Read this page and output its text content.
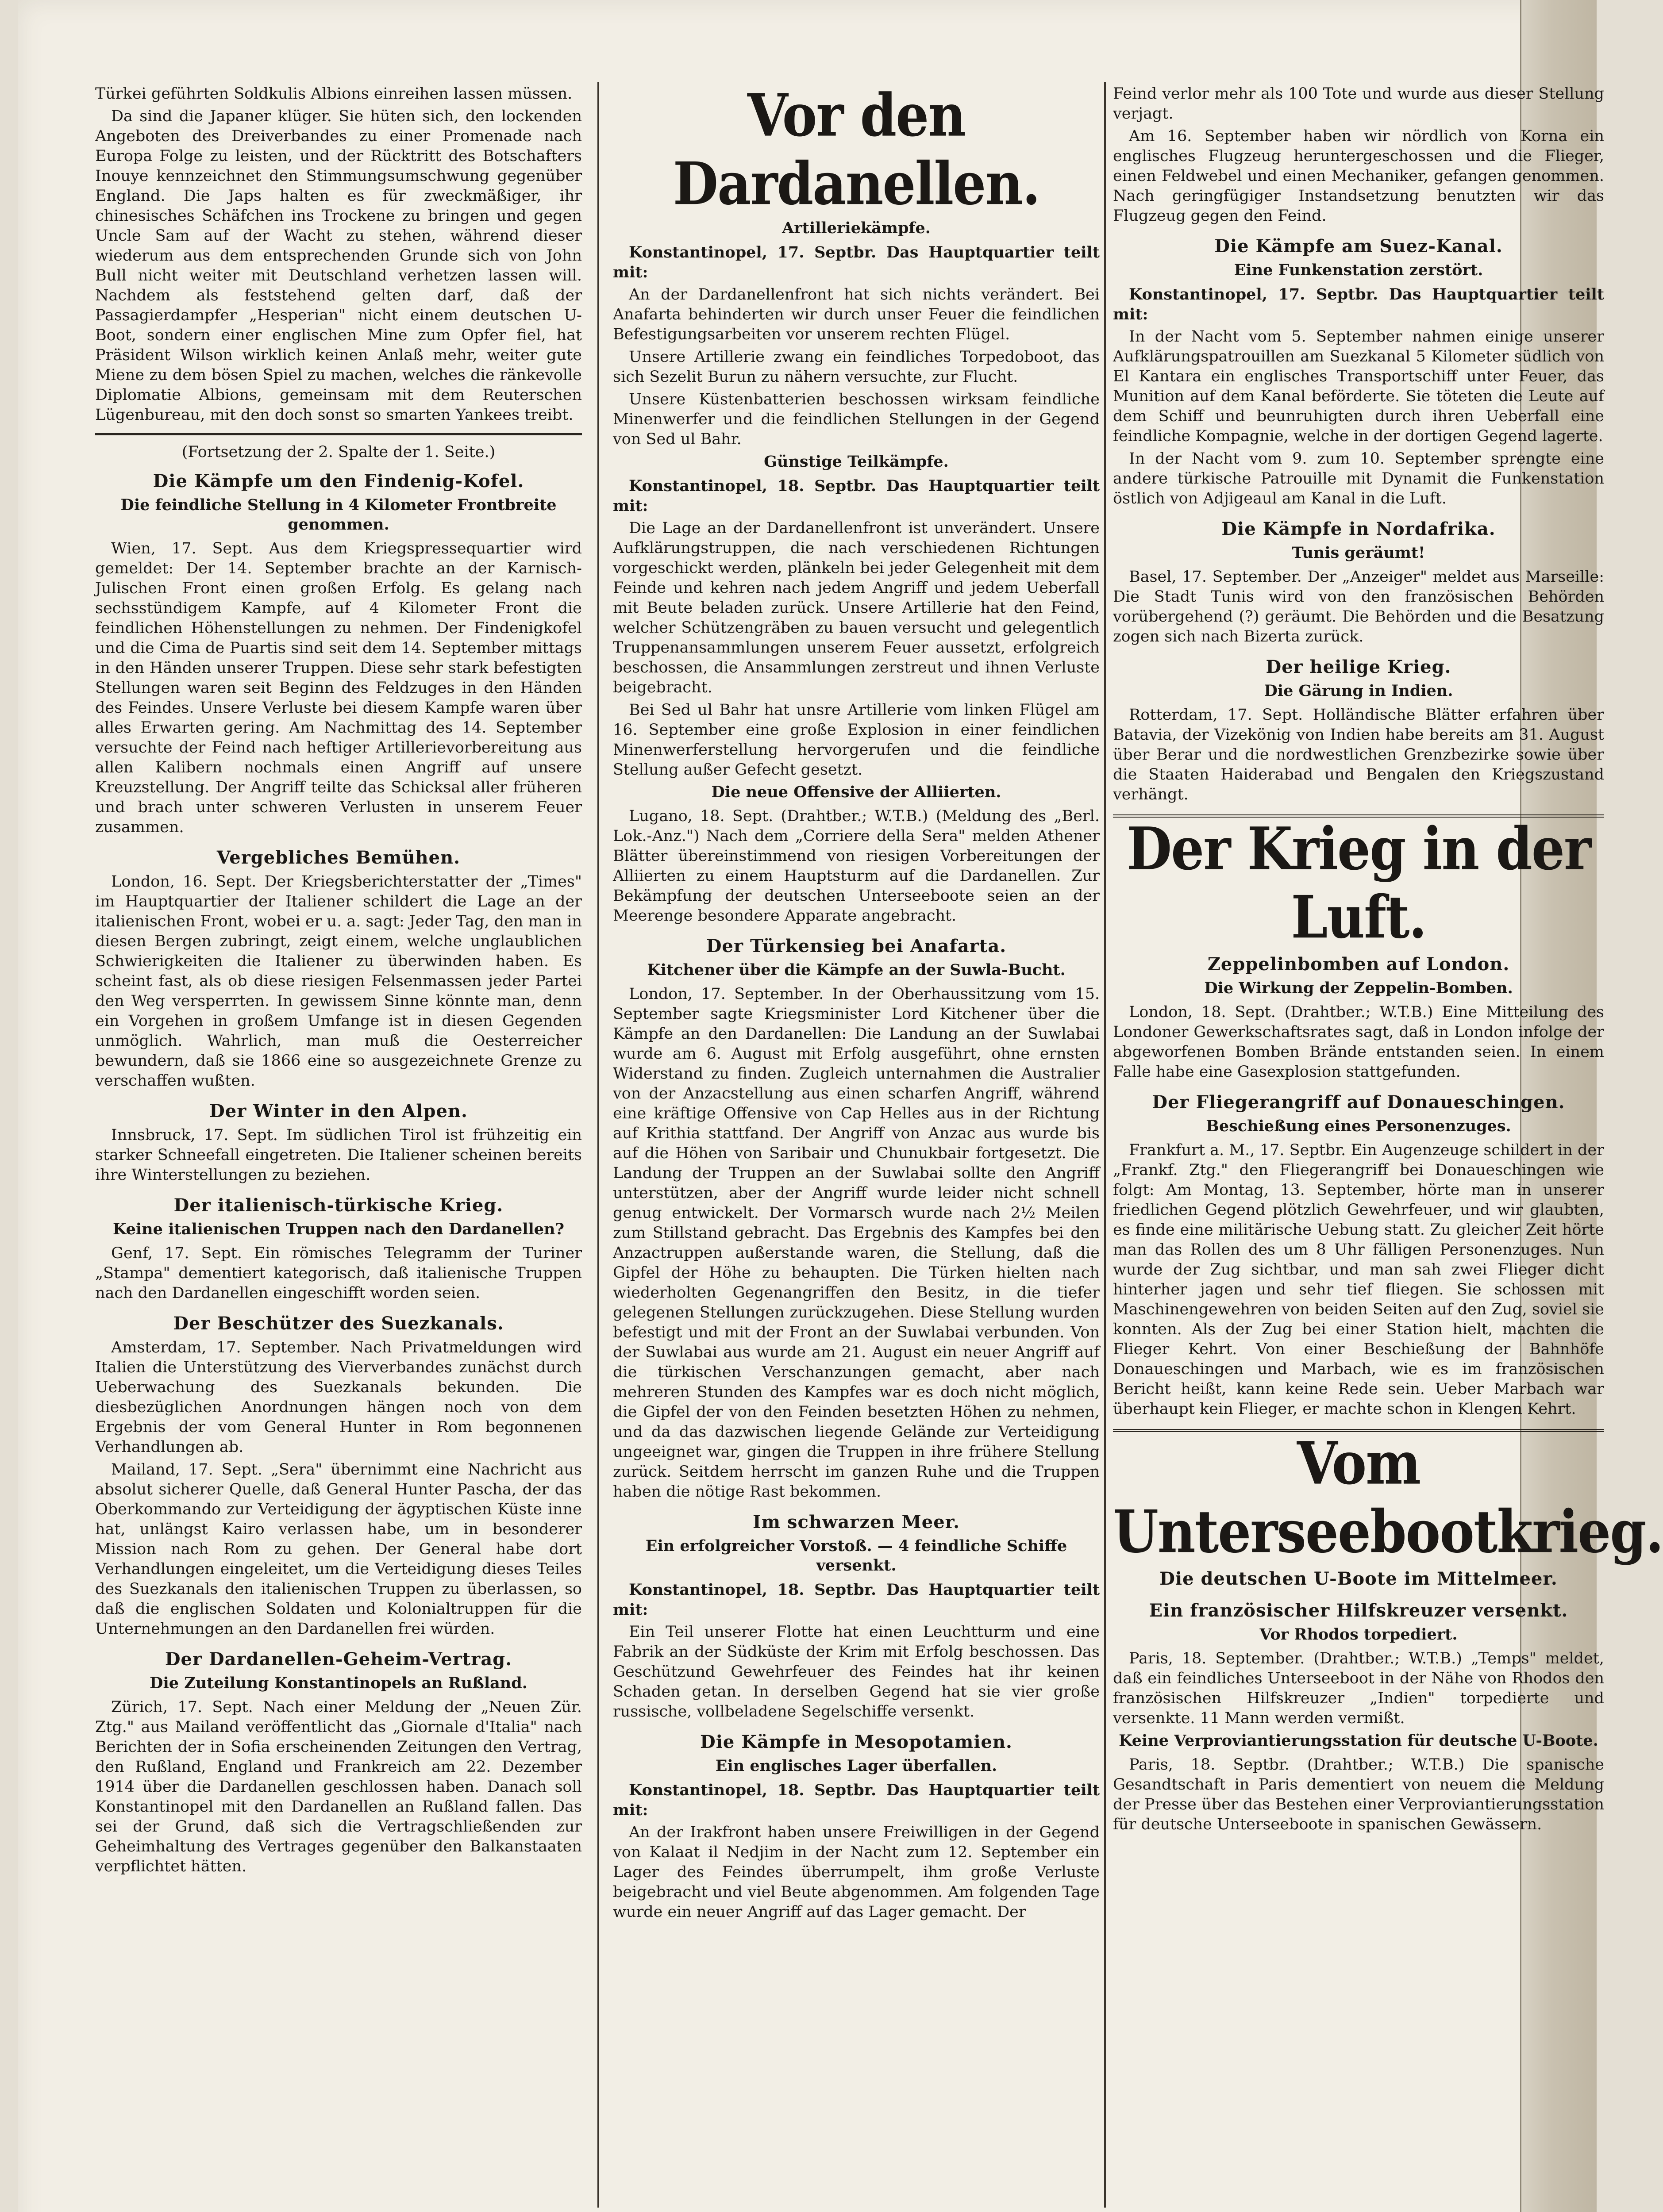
Türkei geführten Soldkulis Albions einreihen lassen müssen.

Da sind die Japaner klüger. Sie hüten sich, den lockenden Angeboten des Dreiverbandes zu einer Promenade nach Europa Folge zu leisten, und der Rücktritt des Botschafters Inouye kennzeichnet den Stimmungsumschwung gegenüber England. Die Japs halten es für zweckmäßiger, ihr chinesisches Schäfchen ins Trockene zu bringen und gegen Uncle Sam auf der Wacht zu stehen, während dieser wiederum aus dem entsprechenden Grunde sich von John Bull nicht weiter mit Deutschland verhetzen lassen will. Nachdem als feststehend gelten darf, daß der Passagierdampfer „Hesperian" nicht einem deutschen U-Boot, sondern einer englischen Mine zum Opfer fiel, hat Präsident Wilson wirklich keinen Anlaß mehr, weiter gute Miene zu dem bösen Spiel zu machen, welches die ränkevolle Diplomatie Albions, gemeinsam mit dem Reuterschen Lügenbureau, mit den doch sonst so smarten Yankees treibt.

(Fortsetzung der 2. Spalte der 1. Seite.)
Die Kämpfe um den Findenig-Kofel.
Die feindliche Stellung in 4 Kilometer Frontbreite genommen.

Wien, 17. Sept. Aus dem Kriegspressequartier wird gemeldet: Der 14. September brachte an der Karnisch-Julischen Front einen großen Erfolg. Es gelang nach sechsstündigem Kampfe, auf 4 Kilometer Front die feindlichen Höhenstellungen zu nehmen. Der Findenigkofel und die Cima de Puartis sind seit dem 14. September mittags in den Händen unserer Truppen. Diese sehr stark befestigten Stellungen waren seit Beginn des Feldzuges in den Händen des Feindes. Unsere Verluste bei diesem Kampfe waren über alles Erwarten gering. Am Nachmittag des 14. September versuchte der Feind nach heftiger Artillerievorbereitung aus allen Kalibern nochmals einen Angriff auf unsere Kreuzstellung. Der Angriff teilte das Schicksal aller früheren und brach unter schweren Verlusten in unserem Feuer zusammen.

Vergebliches Bemühen.

London, 16. Sept. Der Kriegsberichterstatter der „Times" im Hauptquartier der Italiener schildert die Lage an der italienischen Front, wobei er u. a. sagt: Jeder Tag, den man in diesen Bergen zubringt, zeigt einem, welche unglaublichen Schwierigkeiten die Italiener zu überwinden haben. Es scheint fast, als ob diese riesigen Felsenmassen jeder Partei den Weg versperrten. In gewissem Sinne könnte man, denn ein Vorgehen in großem Umfange ist in diesen Gegenden unmöglich. Wahrlich, man muß die Oesterreicher bewundern, daß sie 1866 eine so ausgezeichnete Grenze zu verschaffen wußten.

Der Winter in den Alpen.

Innsbruck, 17. Sept. Im südlichen Tirol ist frühzeitig ein starker Schneefall eingetreten. Die Italiener scheinen bereits ihre Winterstellungen zu beziehen.

Der italienisch-türkische Krieg.
Keine italienischen Truppen nach den Dardanellen?

Genf, 17. Sept. Ein römisches Telegramm der Turiner „Stampa" dementiert kategorisch, daß italienische Truppen nach den Dardanellen eingeschifft worden seien.

Der Beschützer des Suezkanals.

Amsterdam, 17. September. Nach Privatmeldungen wird Italien die Unterstützung des Vierverbandes zunächst durch Ueberwachung des Suezkanals bekunden. Die diesbezüglichen Anordnungen hängen noch von dem Ergebnis der vom General Hunter in Rom begonnenen Verhandlungen ab.

Mailand, 17. Sept. „Sera" übernimmt eine Nachricht aus absolut sicherer Quelle, daß General Hunter Pascha, der das Oberkommando zur Verteidigung der ägyptischen Küste inne hat, unlängst Kairo verlassen habe, um in besonderer Mission nach Rom zu gehen. Der General habe dort Verhandlungen eingeleitet, um die Verteidigung dieses Teiles des Suezkanals den italienischen Truppen zu überlassen, so daß die englischen Soldaten und Kolonialtruppen für die Unternehmungen an den Dardanellen frei würden.

Der Dardanellen-Geheim-Vertrag.
Die Zuteilung Konstantinopels an Rußland.

Zürich, 17. Sept. Nach einer Meldung der „Neuen Zür. Ztg." aus Mailand veröffentlicht das „Giornale d'Italia" nach Berichten der in Sofia erscheinenden Zeitungen den Vertrag, den Rußland, England und Frankreich am 22. Dezember 1914 über die Dardanellen geschlossen haben. Danach soll Konstantinopel mit den Dardanellen an Rußland fallen. Das sei der Grund, daß sich die Vertragschließenden zur Geheimhaltung des Vertrages gegenüber den Balkanstaaten verpflichtet hätten.

Vor den Dardanellen.
Artilleriekämpfe.

Konstantinopel, 17. Septbr. Das Hauptquartier teilt mit:

An der Dardanellenfront hat sich nichts verändert. Bei Anafarta behinderten wir durch unser Feuer die feindlichen Befestigungsarbeiten vor unserem rechten Flügel.

Unsere Artillerie zwang ein feindliches Torpedoboot, das sich Sezelit Burun zu nähern versuchte, zur Flucht.

Unsere Küstenbatterien beschossen wirksam feindliche Minenwerfer und die feindlichen Stellungen in der Gegend von Sed ul Bahr.

Günstige Teilkämpfe.

Konstantinopel, 18. Septbr. Das Hauptquartier teilt mit:

Die Lage an der Dardanellenfront ist unverändert. Unsere Aufklärungstruppen, die nach verschiedenen Richtungen vorgeschickt werden, plänkeln bei jeder Gelegenheit mit dem Feinde und kehren nach jedem Angriff und jedem Ueberfall mit Beute beladen zurück. Unsere Artillerie hat den Feind, welcher Schützengräben zu bauen versucht und gelegentlich Truppenansammlungen unserem Feuer aussetzt, erfolgreich beschossen, die Ansammlungen zerstreut und ihnen Verluste beigebracht.

Bei Sed ul Bahr hat unsre Artillerie vom linken Flügel am 16. September eine große Explosion in einer feindlichen Minenwerferstellung hervorgerufen und die feindliche Stellung außer Gefecht gesetzt.

Die neue Offensive der Alliierten.

Lugano, 18. Sept. (Drahtber.; W.T.B.) (Meldung des „Berl. Lok.-Anz.") Nach dem „Corriere della Sera" melden Athener Blätter übereinstimmend von riesigen Vorbereitungen der Alliierten zu einem Hauptsturm auf die Dardanellen. Zur Bekämpfung der deutschen Unterseeboote seien an der Meerenge besondere Apparate angebracht.

Der Türkensieg bei Anafarta.
Kitchener über die Kämpfe an der Suwla-Bucht.

London, 17. September. In der Oberhaussitzung vom 15. September sagte Kriegsminister Lord Kitchener über die Kämpfe an den Dardanellen: Die Landung an der Suwlabai wurde am 6. August mit Erfolg ausgeführt, ohne ernsten Widerstand zu finden. Zugleich unternahmen die Australier von der Anzacstellung aus einen scharfen Angriff, während eine kräftige Offensive von Cap Helles aus in der Richtung auf Krithia stattfand. Der Angriff von Anzac aus wurde bis auf die Höhen von Saribair und Chunukbair fortgesetzt. Die Landung der Truppen an der Suwlabai sollte den Angriff unterstützen, aber der Angriff wurde leider nicht schnell genug entwickelt. Der Vormarsch wurde nach 2½ Meilen zum Stillstand gebracht. Das Ergebnis des Kampfes bei den Anzactruppen außerstande waren, die Stellung, daß die Gipfel der Höhe zu behaupten. Die Türken hielten nach wiederholten Gegenangriffen den Besitz, in die tiefer gelegenen Stellungen zurückzugehen. Diese Stellung wurden befestigt und mit der Front an der Suwlabai verbunden. Von der Suwlabai aus wurde am 21. August ein neuer Angriff auf die türkischen Verschanzungen gemacht, aber nach mehreren Stunden des Kampfes war es doch nicht möglich, die Gipfel der von den Feinden besetzten Höhen zu nehmen, und da das dazwischen liegende Gelände zur Verteidigung ungeeignet war, gingen die Truppen in ihre frühere Stellung zurück. Seitdem herrscht im ganzen Ruhe und die Truppen haben die nötige Rast bekommen.

Im schwarzen Meer.
Ein erfolgreicher Vorstoß. — 4 feindliche Schiffe versenkt.

Konstantinopel, 18. Septbr. Das Hauptquartier teilt mit:

Ein Teil unserer Flotte hat einen Leuchtturm und eine Fabrik an der Südküste der Krim mit Erfolg beschossen. Das Geschützund Gewehrfeuer des Feindes hat ihr keinen Schaden getan. In derselben Gegend hat sie vier große russische, vollbeladene Segelschiffe versenkt.

Die Kämpfe in Mesopotamien.
Ein englisches Lager überfallen.

Konstantinopel, 18. Septbr. Das Hauptquartier teilt mit:

An der Irakfront haben unsere Freiwilligen in der Gegend von Kalaat il Nedjim in der Nacht zum 12. September ein Lager des Feindes überrumpelt, ihm große Verluste beigebracht und viel Beute abgenommen. Am folgenden Tage wurde ein neuer Angriff auf das Lager gemacht. Der

Feind verlor mehr als 100 Tote und wurde aus dieser Stellung verjagt.

Am 16. September haben wir nördlich von Korna ein englisches Flugzeug heruntergeschossen und die Flieger, einen Feldwebel und einen Mechaniker, gefangen genommen. Nach geringfügiger Instandsetzung benutzten wir das Flugzeug gegen den Feind.

Die Kämpfe am Suez-Kanal.
Eine Funkenstation zerstört.

Konstantinopel, 17. Septbr. Das Hauptquartier teilt mit:

In der Nacht vom 5. September nahmen einige unserer Aufklärungspatrouillen am Suezkanal 5 Kilometer südlich von El Kantara ein englisches Transportschiff unter Feuer, das Munition auf dem Kanal beförderte. Sie töteten die Leute auf dem Schiff und beunruhigten durch ihren Ueberfall eine feindliche Kompagnie, welche in der dortigen Gegend lagerte.

In der Nacht vom 9. zum 10. September sprengte eine andere türkische Patrouille mit Dynamit die Funkenstation östlich von Adjigeaul am Kanal in die Luft.

Die Kämpfe in Nordafrika.
Tunis geräumt!

Basel, 17. September. Der „Anzeiger" meldet aus Marseille: Die Stadt Tunis wird von den französischen Behörden vorübergehend (?) geräumt. Die Behörden und die Besatzung zogen sich nach Bizerta zurück.

Der heilige Krieg.
Die Gärung in Indien.

Rotterdam, 17. Sept. Holländische Blätter erfahren über Batavia, der Vizekönig von Indien habe bereits am 31. August über Berar und die nordwestlichen Grenzbezirke sowie über die Staaten Haiderabad und Bengalen den Kriegszustand verhängt.

Der Krieg in der Luft.
Zeppelinbomben auf London.
Die Wirkung der Zeppelin-Bomben.

London, 18. Sept. (Drahtber.; W.T.B.) Eine Mitteilung des Londoner Gewerkschaftsrates sagt, daß in London infolge der abgeworfenen Bomben Brände entstanden seien. In einem Falle habe eine Gasexplosion stattgefunden.

Der Fliegerangriff auf Donaueschingen.
Beschießung eines Personenzuges.

Frankfurt a. M., 17. Septbr. Ein Augenzeuge schildert in der „Frankf. Ztg." den Fliegerangriff bei Donaueschingen wie folgt: Am Montag, 13. September, hörte man in unserer friedlichen Gegend plötzlich Gewehrfeuer, und wir glaubten, es finde eine militärische Uebung statt. Zu gleicher Zeit hörte man das Rollen des um 8 Uhr fälligen Personenzuges. Nun wurde der Zug sichtbar, und man sah zwei Flieger dicht hinterher jagen und sehr tief fliegen. Sie schossen mit Maschinengewehren von beiden Seiten auf den Zug, soviel sie konnten. Als der Zug bei einer Station hielt, machten die Flieger Kehrt. Von einer Beschießung der Bahnhöfe Donaueschingen und Marbach, wie es im französischen Bericht heißt, kann keine Rede sein. Ueber Marbach war überhaupt kein Flieger, er machte schon in Klengen Kehrt.

Vom Unterseebootkrieg.
Die deutschen U-Boote im Mittelmeer.
Ein französischer Hilfskreuzer versenkt.
Vor Rhodos torpediert.

Paris, 18. September. (Drahtber.; W.T.B.) „Temps" meldet, daß ein feindliches Unterseeboot in der Nähe von Rhodos den französischen Hilfskreuzer „Indien" torpedierte und versenkte. 11 Mann werden vermißt.

Keine Verproviantierungsstation für deutsche U-Boote.

Paris, 18. Septbr. (Drahtber.; W.T.B.) Die spanische Gesandtschaft in Paris dementiert von neuem die Meldung der Presse über das Bestehen einer Verproviantierungsstation für deutsche Unterseeboote in spanischen Gewässern.
